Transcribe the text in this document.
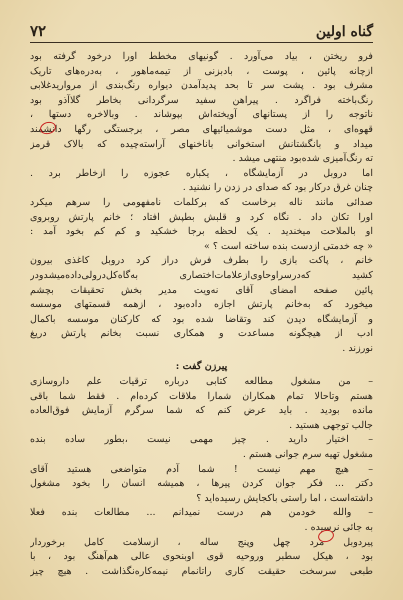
۷۲	گناه اولین
فرو ریختن ، بیاد می‌آورد . گونیهای مخطط اورا درخود گرفته بود
ازچانه پائین ، پوست ، بادبزنی از تیمه‌ماهور ، به‌دره‌های تاریک
مشرف بود . پشت سر تا بحد پدیدآمدن دیواره رنگ‌بندی از مروارید‌غلابی
رنگ‌باخته فراگرد . پیراهن سفید سرگردانی بخاطر گلاآذو بود
ناتوجه را از پستانهای آویخته‌اش بپوشاند . وبالاخره دستها ،
قهوه‌ای ، مثل دست موشمیائیهای مصر ، برجستگی رگها دانشمند
میداد و بانگشتانش استخوانی باناخنهای آراسته‌چیده که بالاک قرمز
ته رنگ‌آمیزی شده‌بود منتهی میشد .
اما دروبل در آزمایشگاه ، یکباره عجوزه را ازخاطر برد .
چنان غرق درکار بود که صدای در زدن را نشنید .
صدائی مانند ناله برخاست که برکلمات نامفهومی را سرهم میکرد
اورا تکان داد . نگاه کرد و قلبش بطپش افتاد ؛ خانم پارتش روبروی
او بالملاحت میخندید . یک لحظه برجا خشکید و کم کم بخود آمد :
« چه خدمتی ازدست بنده ساخته است ؟ »
خانم ، پاکت بازی را بطرف فرش دراز کرد دروبل کاغذی بیرون
کشید که‌درسراو‌حاوی‌ازعلامات‌اختصاری‌ به‌گاه‌کل‌درولی‌داده‌میشد‌و‌در
پائین صفحه امضای آقای نه‌ویت مدیر بخش تحقیقات بچشم
میخورد که به‌خانم پارتش اجازه داده‌بود ، ازهمه قسمتهای موسسه
و آزمایشگاه دیدن کند وتقاضا شده بود که کارکنان موسسه با‌کمال
ادب از هیچگونه مساعدت و همکاری نسبت بخانم پارتش دریغ
نورزند .
پیرزن گفت :
– من مشغول مطالعه کتابی درباره ترقیات علم داروسازی
هستم وتاحالا تمام همکاران شمارا ملاقات کرده‌ام . فقط شما باقی
مانده بودید . باید عرض کنم که شما سرگرم آزمایش فوق‌العاده
جالب توجهی هستید .
– اختیار دارید . چیز مهمی نیست ،بطور ساده بنده
مشغول تهیه سرم جوانی هستم .
– هیچ مهم نیست ! شما آدم متواضعی هستید آقای
دکتر ... فکر جوان کردن پیرها ، همیشه انسان را بخود مشغول
داشته‌است ، اما راستی باکجایش رسیده‌اید ؟
– والله خودمن هم درست نمیدانم ... مطالعات بنده فعلا
به جائی نرسیده .
پیردوبل مرد چهل وپنج ساله ، ازسلامت کامل برخوردار
بود ، هیکل سطبر وروحیه قوی اوبنحوی عالی هم‌آهنگ بود ، با
طبعی سرسخت حقیقت کاری راتانمام نیمه‌کاره‌نگذاشت . هیچ چیز
